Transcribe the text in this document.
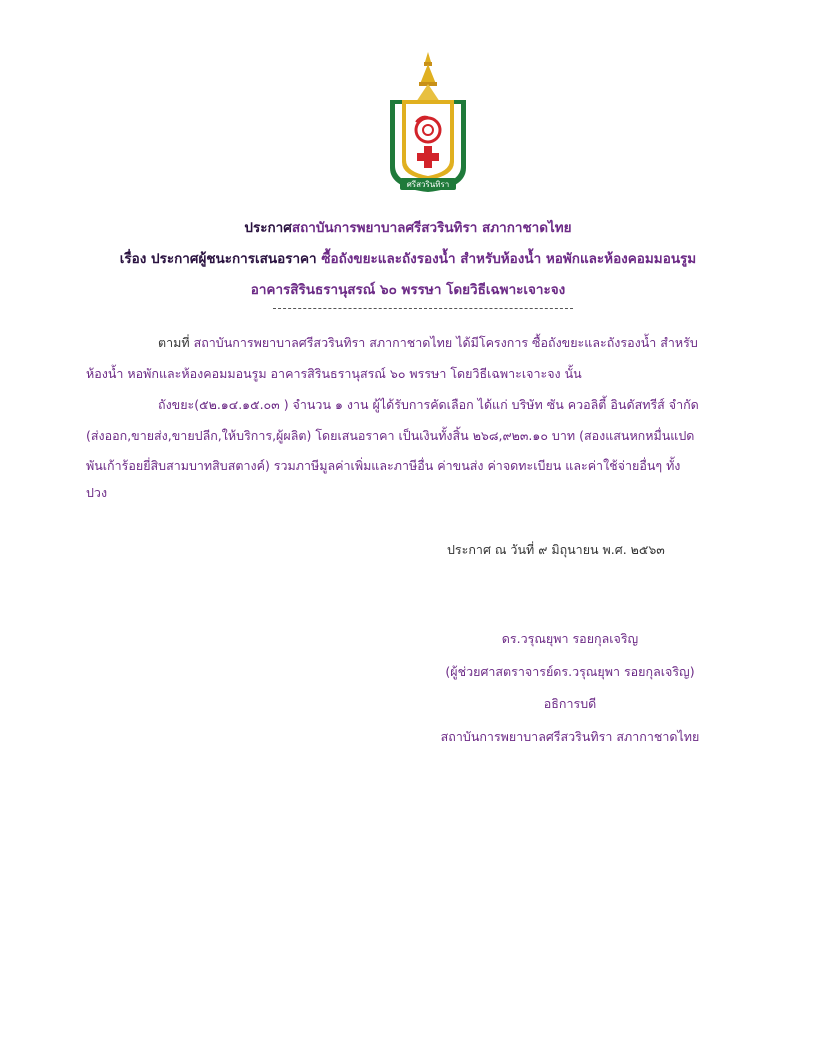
ศรีสวรินทิรา
ประกาศสถาบันการพยาบาลศรีสวรินทิรา สภากาชาดไทย
เรื่อง ประกาศผู้ชนะการเสนอราคา ซื้อถังขยะและถังรองน้ำ สำหรับห้องน้ำ หอพักและห้องคอมมอนรูม
อาคารสิรินธรานุสรณ์ ๖๐ พรรษา โดยวิธีเฉพาะเจาะจง
ตามที่ สถาบันการพยาบาลศรีสวรินทิรา สภากาชาดไทย ได้มีโครงการ ซื้อถังขยะและถังรองน้ำ สำหรับ
ห้องน้ำ หอพักและห้องคอมมอนรูม อาคารสิรินธรานุสรณ์ ๖๐ พรรษา โดยวิธีเฉพาะเจาะจง นั้น
ถังขยะ(๕๒.๑๔.๑๕.๐๓ ) จำนวน ๑ งาน ผู้ได้รับการคัดเลือก ได้แก่ บริษัท ซัน ควอลิตี้ อินดัสทรีส์ จำกัด
(ส่งออก,ขายส่ง,ขายปลีก,ให้บริการ,ผู้ผลิต) โดยเสนอราคา เป็นเงินทั้งสิ้น ๒๖๘,๙๒๓.๑๐ บาท (สองแสนหกหมื่นแปด
พันเก้าร้อยยี่สิบสามบาทสิบสตางค์) รวมภาษีมูลค่าเพิ่มและภาษีอื่น ค่าขนส่ง ค่าจดทะเบียน และค่าใช้จ่ายอื่นๆ ทั้ง
ปวง
ประกาศ ณ วันที่ ๙ มิถุนายน พ.ศ. ๒๕๖๓
ดร.วรุณยุพา รอยกุลเจริญ
(ผู้ช่วยศาสตราจารย์ดร.วรุณยุพา รอยกุลเจริญ)
อธิการบดี
สถาบันการพยาบาลศรีสวรินทิรา สภากาชาดไทย
